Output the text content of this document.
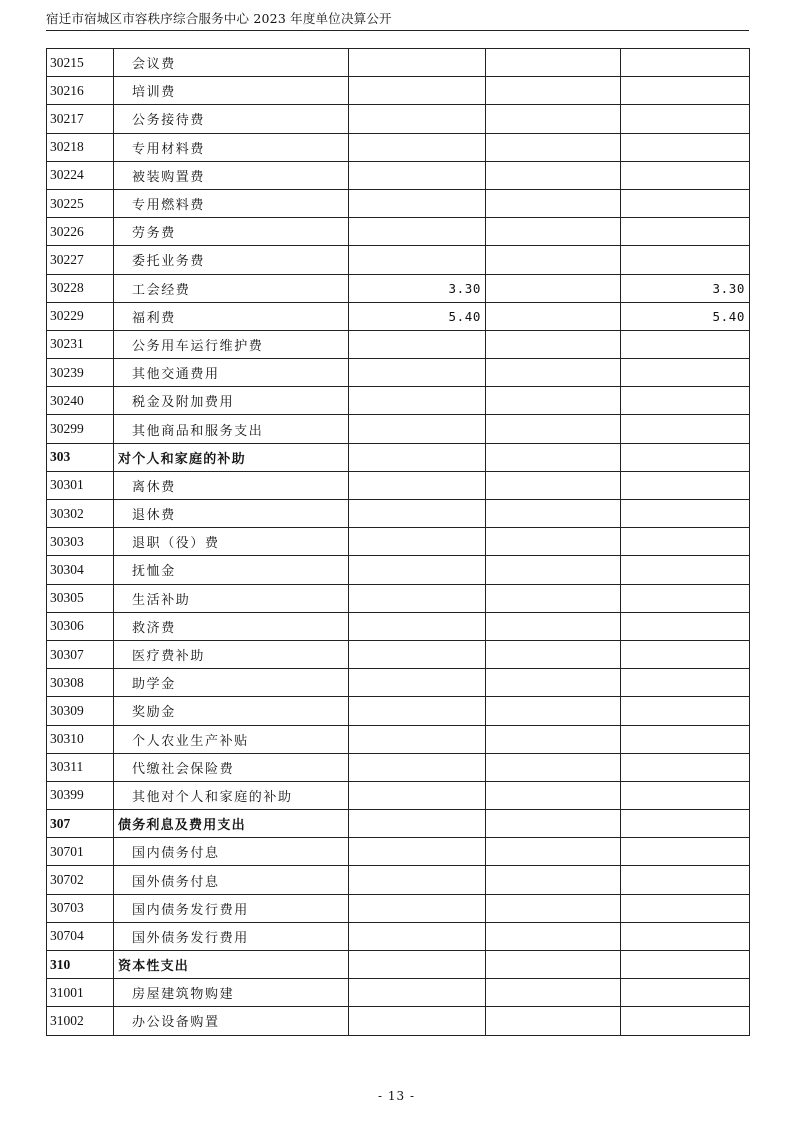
宿迁市宿城区市容秩序综合服务中心 2023 年度单位决算公开
30215	会议费			
30216	培训费			
30217	公务接待费			
30218	专用材料费			
30224	被装购置费			
30225	专用燃料费			
30226	劳务费			
30227	委托业务费			
30228	工会经费	3.30		3.30
30229	福利费	5.40		5.40
30231	公务用车运行维护费			
30239	其他交通费用			
30240	税金及附加费用			
30299	其他商品和服务支出			
303	对个人和家庭的补助			
30301	离休费			
30302	退休费			
30303	退职（役）费			
30304	抚恤金			
30305	生活补助			
30306	救济费			
30307	医疗费补助			
30308	助学金			
30309	奖励金			
30310	个人农业生产补贴			
30311	代缴社会保险费			
30399	其他对个人和家庭的补助			
307	债务利息及费用支出			
30701	国内债务付息			
30702	国外债务付息			
30703	国内债务发行费用			
30704	国外债务发行费用			
310	资本性支出			
31001	房屋建筑物购建			
31002	办公设备购置			
- 13 -
